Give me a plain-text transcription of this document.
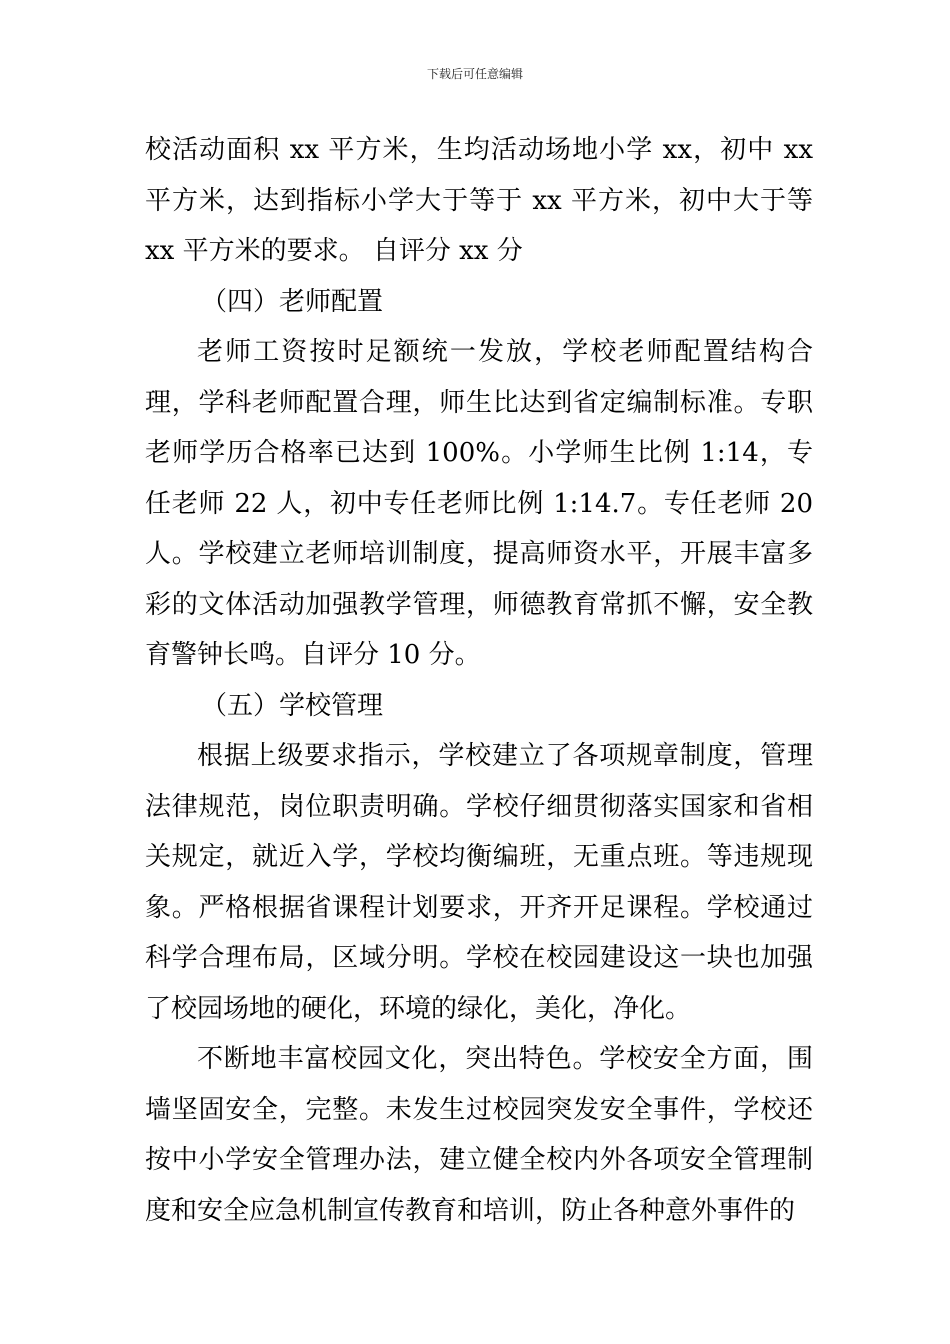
下载后可任意编辑

校活动面积 xx 平方米，生均活动场地小学 xx，初中 xx 平方米，达到指标小学大于等于 xx 平方米，初中大于等 xx 平方米的要求。 自评分 xx 分

（四）老师配置

老师工资按时足额统一发放，学校老师配置结构合理，学科老师配置合理，师生比达到省定编制标准。专职老师学历合格率已达到 100%。小学师生比例 1:14，专任老师 22 人，初中专任老师比例 1:14.7。专任老师 20 人。学校建立老师培训制度，提高师资水平，开展丰富多彩的文体活动加强教学管理，师德教育常抓不懈，安全教育警钟长鸣。自评分 10 分。

（五）学校管理

根据上级要求指示，学校建立了各项规章制度，管理法律规范，岗位职责明确。学校仔细贯彻落实国家和省相关规定，就近入学，学校均衡编班，无重点班。等违规现象。严格根据省课程计划要求，开齐开足课程。学校通过科学合理布局，区域分明。学校在校园建设这一块也加强了校园场地的硬化，环境的绿化，美化，净化。

不断地丰富校园文化，突出特色。学校安全方面，围墙坚固安全，完整。未发生过校园突发安全事件，学校还按中小学安全管理办法，建立健全校内外各项安全管理制度和安全应急机制宣传教育和培训，防止各种意外事件的
